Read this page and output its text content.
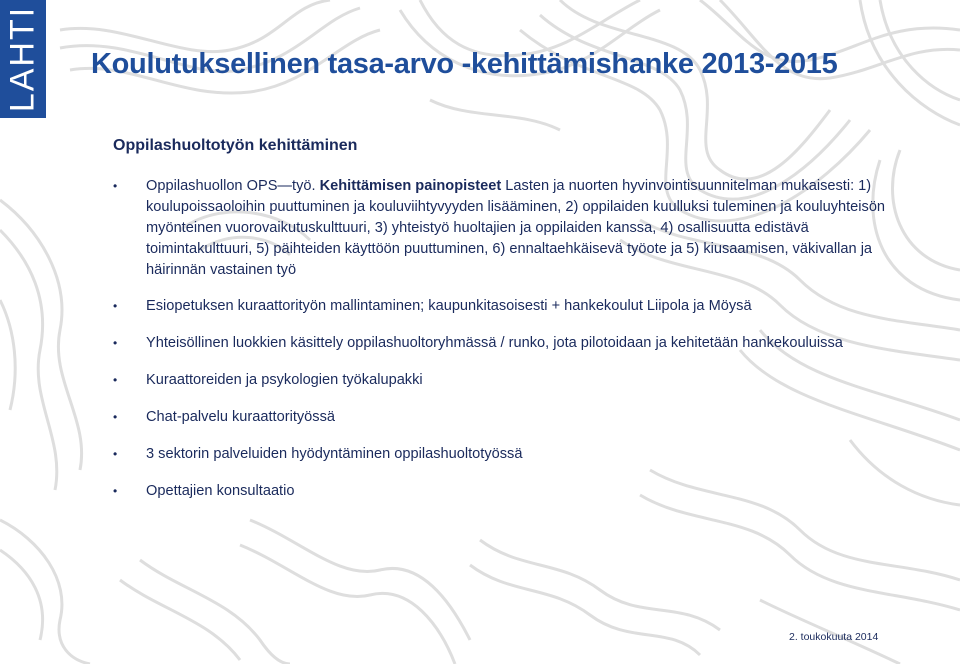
LAHTI Koulutuksellinen tasa-arvo -kehittämishanke 2013-2015
Oppilashuoltotyön kehittäminen
• Oppilashuollon OPS—työ. Kehittämisen painopisteet Lasten ja nuorten hyvinvointisuunnitelman mukaisesti: 1) koulupoissaoloihin puuttuminen ja kouluviihtyvyyden lisääminen, 2) oppilaiden kuulluksi tuleminen ja kouluyhteisön myönteinen vuorovaikutuskulttuuri, 3) yhteistyö huoltajien ja oppilaiden kanssa, 4) osallisuutta edistävä toimintakulttuuri, 5) päihteiden käyttöön puuttuminen, 6) ennaltaehkäisevä työote ja 5) kiusaamisen, väkivallan ja häirinnän vastainen työ
• Esiopetuksen kuraattorityön mallintaminen; kaupunkitasoisesti + hankekoulut Liipola ja Möysä
• Yhteisöllinen luokkien käsittely oppilashuoltoryhmässä / runko, jota pilotoidaan ja kehitetään hankekouluissa
• Kuraattoreiden ja psykologien työkalupakki
• Chat-palvelu kuraattorityössä
• 3 sektorin palveluiden hyödyntäminen oppilashuoltotyössä
• Opettajien konsultaatio
2. toukokuuta 2014
